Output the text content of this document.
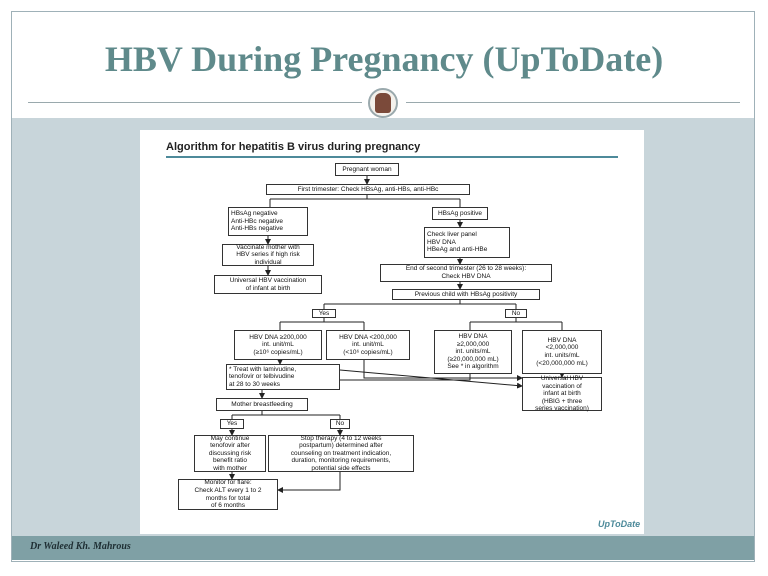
HBV During Pregnancy (UpToDate)
Algorithm for hepatitis B virus during pregnancy
Pregnant woman
First trimester: Check HBsAg, anti-HBs, anti-HBc
HBsAg negative
Anti-HBc negative
Anti-HBs negative
HBsAg positive
Vaccinate mother with
HBV series if high risk
individual
Check liver panel
HBV DNA
HBeAg and anti-HBe
Universal HBV vaccination
of infant at birth
End of second trimester (26 to 28 weeks):
Check HBV DNA
Previous child with HBsAg positivity
Yes	No
HBV DNA ≥200,000
int. unit/mL
(≥10⁶ copies/mL)
HBV DNA <200,000
int. unit/mL
(<10⁶ copies/mL)
HBV DNA
≥2,000,000
int. units/mL
(≥20,000,000 mL)
See * in algorithm
HBV DNA
<2,000,000
int. units/mL
(<20,000,000 mL)
* Treat with lamivudine,
tenofovir or telbivudine
at 28 to 30 weeks
Universal HBV
vaccination of
infant at birth
(HBIG + three
series vaccination)
Mother breastfeeding
Yes	No
May continue
tenofovir after
discussing risk
benefit ratio
with mother
Stop therapy (4 to 12 weeks
postpartum) determined after
counseling on treatment indication,
duration, monitoring requirements,
potential side effects
Monitor for flare:
Check ALT every 1 to 2
months for total
of 6 months
UpToDate
Dr Waleed Kh. Mahrous
